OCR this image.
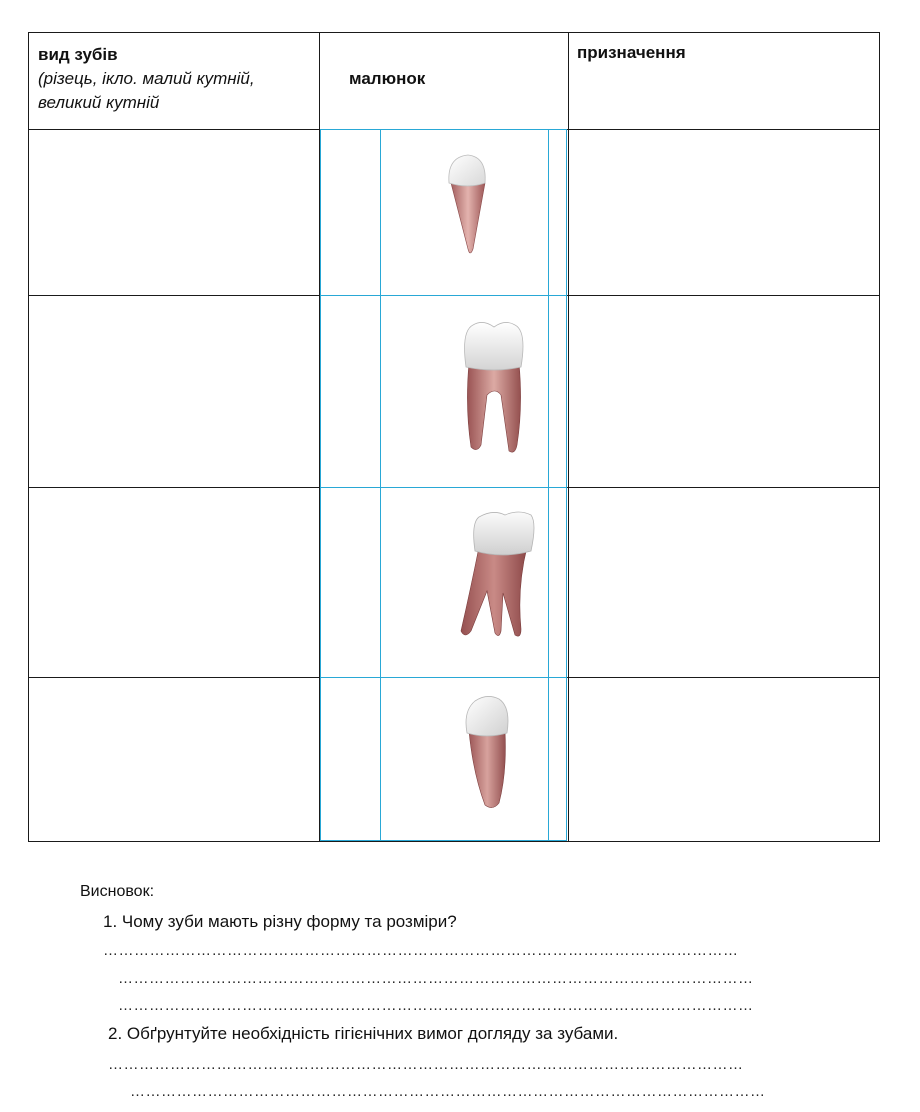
вид зубів
(різець, ікло. малий кутній, великий кутній
малюнок
призначення
Висновок:
1. Чому зуби мають різну форму та розміри?
……………………………………………………………………………………………………………
……………………………………………………………………………………………………………
……………………………………………………………………………………………………………
2. Обґрунтуйте необхідність гігієнічних вимог догляду за зубами.
……………………………………………………………………………………………………………
……………………………………………………………………………………………………………
